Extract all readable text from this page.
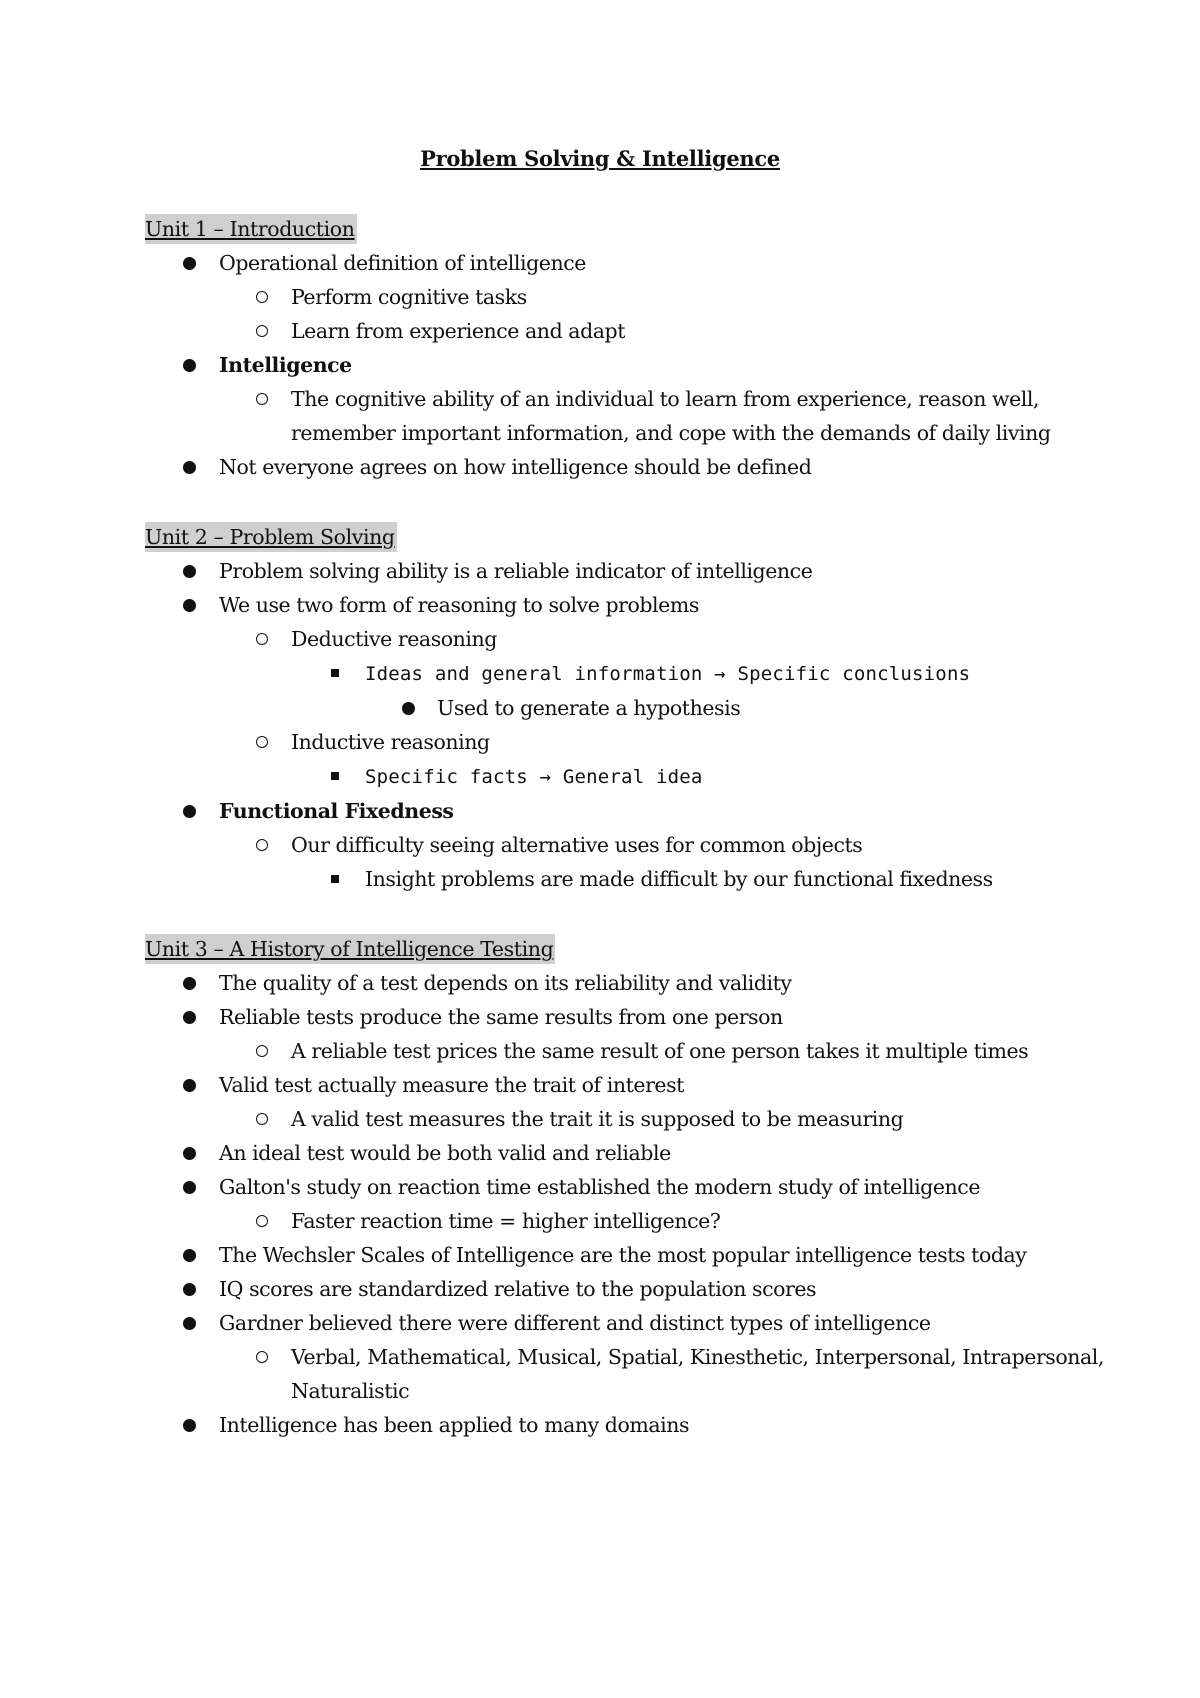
Problem Solving & Intelligence
Unit 1 – Introduction
Operational definition of intelligence
Perform cognitive tasks
Learn from experience and adapt
Intelligence
The cognitive ability of an individual to learn from experience, reason well, remember important information, and cope with the demands of daily living
Not everyone agrees on how intelligence should be defined
Unit 2 – Problem Solving
Problem solving ability is a reliable indicator of intelligence
We use two form of reasoning to solve problems
Deductive reasoning
Ideas and general information → Specific conclusions
Used to generate a hypothesis
Inductive reasoning
Specific facts → General idea
Functional Fixedness
Our difficulty seeing alternative uses for common objects
Insight problems are made difficult by our functional fixedness
Unit 3 – A History of Intelligence Testing
The quality of a test depends on its reliability and validity
Reliable tests produce the same results from one person
A reliable test prices the same result of one person takes it multiple times
Valid test actually measure the trait of interest
A valid test measures the trait it is supposed to be measuring
An ideal test would be both valid and reliable
Galton's study on reaction time established the modern study of intelligence
Faster reaction time = higher intelligence?
The Wechsler Scales of Intelligence are the most popular intelligence tests today
IQ scores are standardized relative to the population scores
Gardner believed there were different and distinct types of intelligence
Verbal, Mathematical, Musical, Spatial, Kinesthetic, Interpersonal, Intrapersonal, Naturalistic
Intelligence has been applied to many domains
